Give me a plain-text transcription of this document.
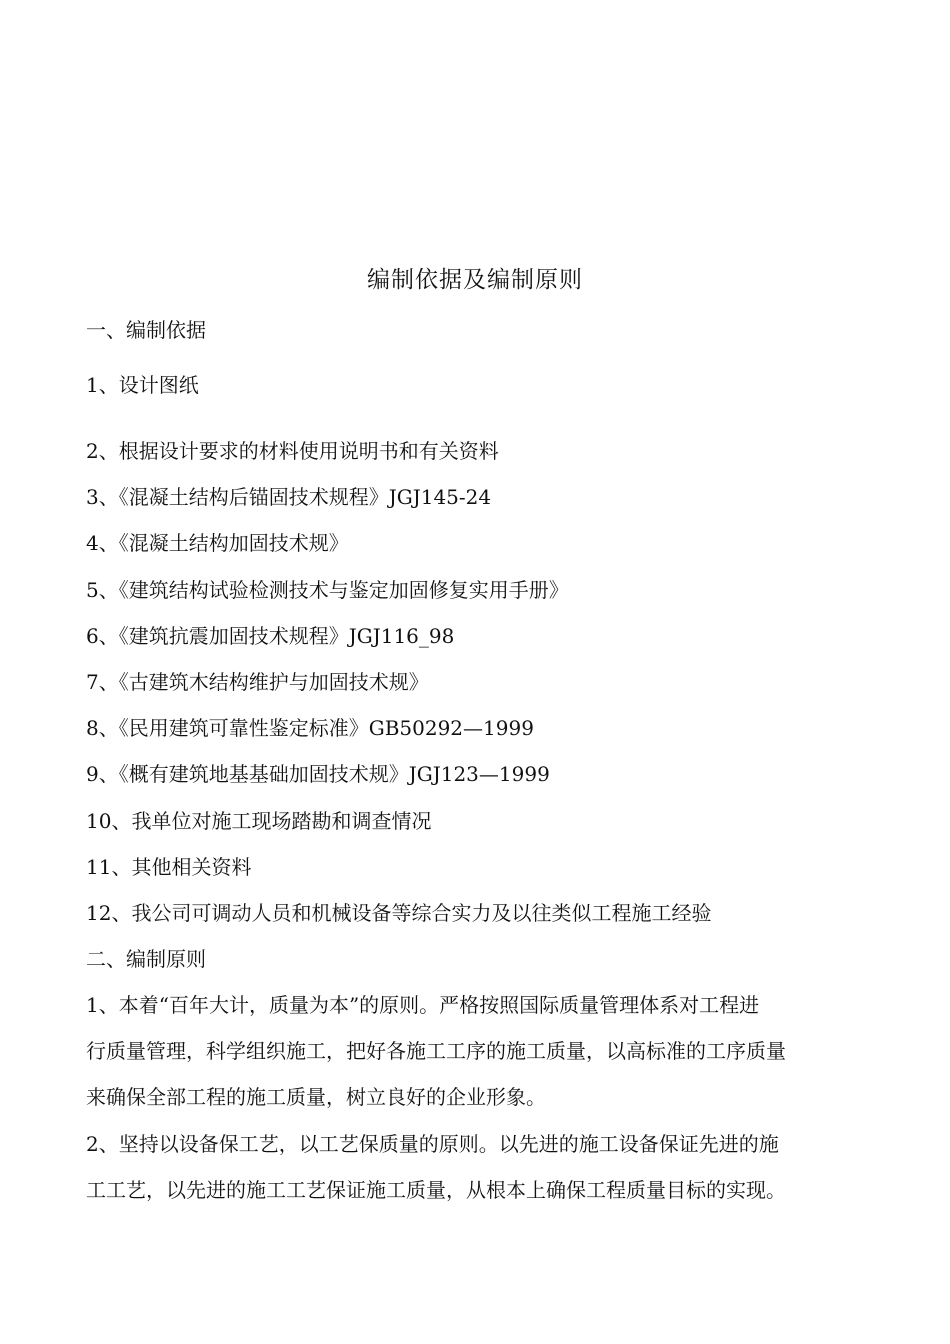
编制依据及编制原则
一、编制依据
1、设计图纸
2、根据设计要求的材料使用说明书和有关资料
3、《混凝土结构后锚固技术规程》JGJ145-24
4、《混凝土结构加固技术规》
5、《建筑结构试验检测技术与鉴定加固修复实用手册》
6、《建筑抗震加固技术规程》JGJ116_98
7、《古建筑木结构维护与加固技术规》
8、《民用建筑可靠性鉴定标准》GB50292—1999
9、《概有建筑地基基础加固技术规》JGJ123—1999
10、我单位对施工现场踏勘和调查情况
11、其他相关资料
12、我公司可调动人员和机械设备等综合实力及以往类似工程施工经验
二、编制原则
1、本着“百年大计，质量为本”的原则。严格按照国际质量管理体系对工程进
行质量管理，科学组织施工，把好各施工工序的施工质量，以高标准的工序质量
来确保全部工程的施工质量，树立良好的企业形象。
2、坚持以设备保工艺，以工艺保质量的原则。以先进的施工设备保证先进的施
工工艺，以先进的施工工艺保证施工质量，从根本上确保工程质量目标的实现。
